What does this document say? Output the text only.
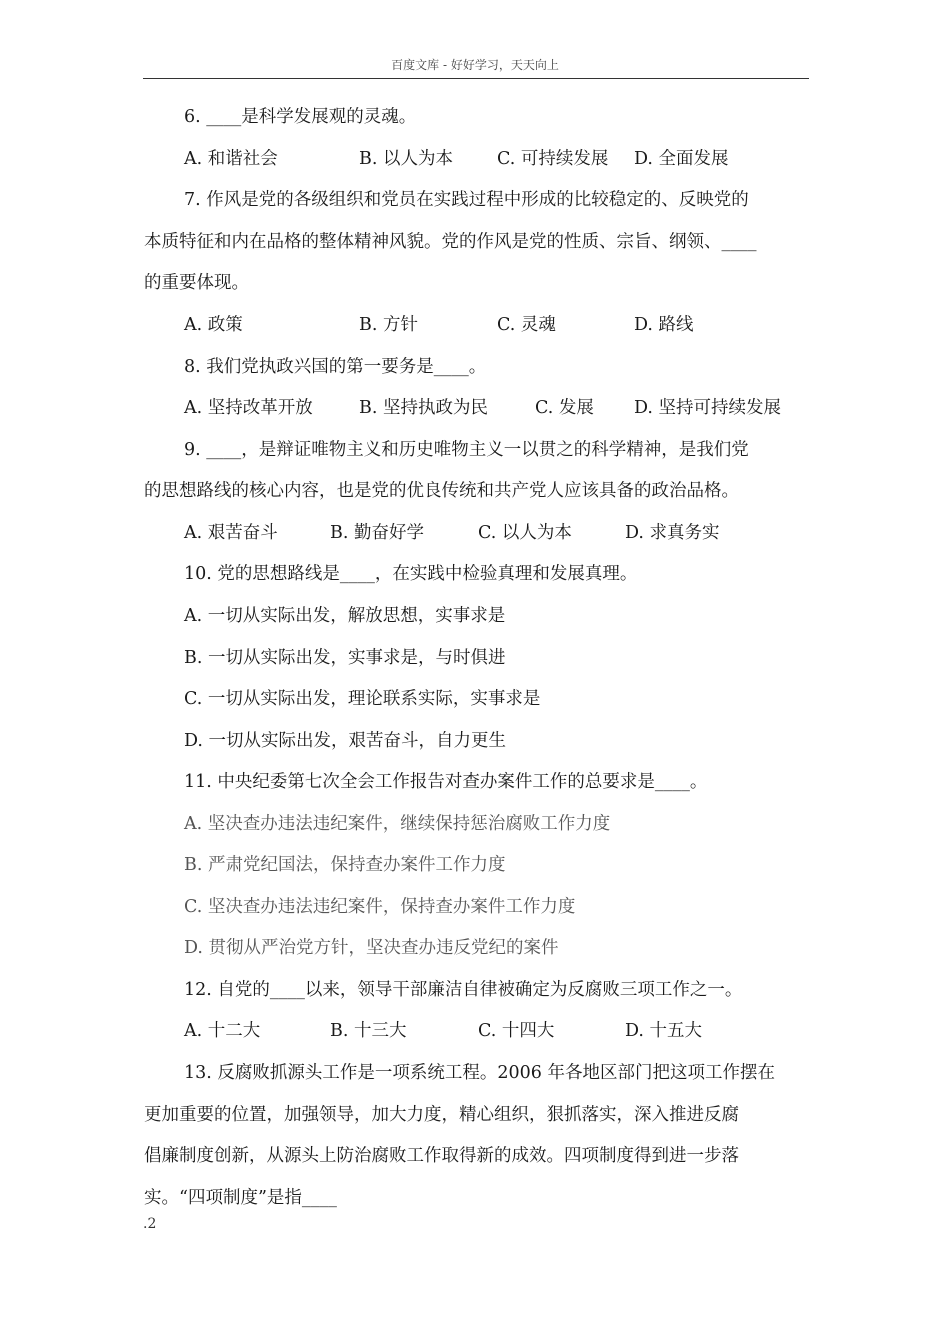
百度文库 - 好好学习，天天向上
6. ____是科学发展观的灵魂。
A. 和谐社会	B. 以人为本	C. 可持续发展 D. 全面发展
7. 作风是党的各级组织和党员在实践过程中形成的比较稳定的、反映党的
本质特征和内在品格的整体精神风貌。党的作风是党的性质、宗旨、纲领、____
的重要体现。
A. 政策	B. 方针	C. 灵魂	D. 路线
8. 我们党执政兴国的第一要务是____。
A. 坚持改革开放	B. 坚持执政为民	C. 发展 D. 坚持可持续发展
9. ____，是辩证唯物主义和历史唯物主义一以贯之的科学精神，是我们党
的思想路线的核心内容，也是党的优良传统和共产党人应该具备的政治品格。
A. 艰苦奋斗	B. 勤奋好学	C. 以人为本	D. 求真务实
10. 党的思想路线是____，在实践中检验真理和发展真理。
A. 一切从实际出发，解放思想，实事求是
B. 一切从实际出发，实事求是，与时俱进
C. 一切从实际出发，理论联系实际，实事求是
D. 一切从实际出发，艰苦奋斗，自力更生
11. 中央纪委第七次全会工作报告对查办案件工作的总要求是____。
A. 坚决查办违法违纪案件，继续保持惩治腐败工作力度
B. 严肃党纪国法，保持查办案件工作力度
C. 坚决查办违法违纪案件，保持查办案件工作力度
D. 贯彻从严治党方针，坚决查办违反党纪的案件
12. 自党的____以来，领导干部廉洁自律被确定为反腐败三项工作之一。
A. 十二大	B. 十三大	C. 十四大	D. 十五大
13. 反腐败抓源头工作是一项系统工程。2006 年各地区部门把这项工作摆在
更加重要的位置，加强领导，加大力度，精心组织，狠抓落实，深入推进反腐
倡廉制度创新，从源头上防治腐败工作取得新的成效。四项制度得到进一步落
实。“四项制度”是指____
.2
